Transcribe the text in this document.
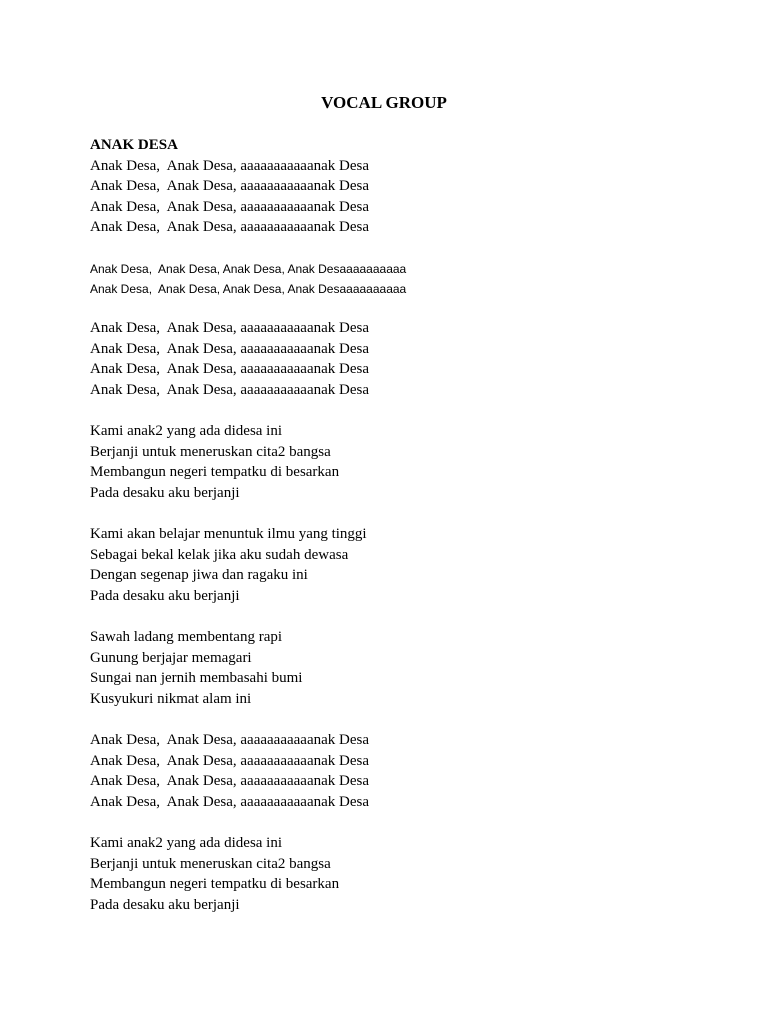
VOCAL GROUP

ANAK DESA

Anak Desa,  Anak Desa, aaaaaaaaaaanak Desa

Anak Desa,  Anak Desa, aaaaaaaaaaanak Desa

Anak Desa,  Anak Desa, aaaaaaaaaaanak Desa

Anak Desa,  Anak Desa, aaaaaaaaaaanak Desa

Anak Desa,  Anak Desa, Anak Desa, Anak Desaaaaaaaaaa

Anak Desa,  Anak Desa, Anak Desa, Anak Desaaaaaaaaaa

Anak Desa,  Anak Desa, aaaaaaaaaaanak Desa

Anak Desa,  Anak Desa, aaaaaaaaaaanak Desa

Anak Desa,  Anak Desa, aaaaaaaaaaanak Desa

Anak Desa,  Anak Desa, aaaaaaaaaaanak Desa

Kami anak2 yang ada didesa ini

Berjanji untuk meneruskan cita2 bangsa

Membangun negeri tempatku di besarkan

Pada desaku aku berjanji

Kami akan belajar menuntuk ilmu yang tinggi

Sebagai bekal kelak jika aku sudah dewasa

Dengan segenap jiwa dan ragaku ini

Pada desaku aku berjanji

Sawah ladang membentang rapi

Gunung berjajar memagari

Sungai nan jernih membasahi bumi

Kusyukuri nikmat alam ini

Anak Desa,  Anak Desa, aaaaaaaaaaanak Desa

Anak Desa,  Anak Desa, aaaaaaaaaaanak Desa

Anak Desa,  Anak Desa, aaaaaaaaaaanak Desa

Anak Desa,  Anak Desa, aaaaaaaaaaanak Desa

Kami anak2 yang ada didesa ini

Berjanji untuk meneruskan cita2 bangsa

Membangun negeri tempatku di besarkan

Pada desaku aku berjanji
